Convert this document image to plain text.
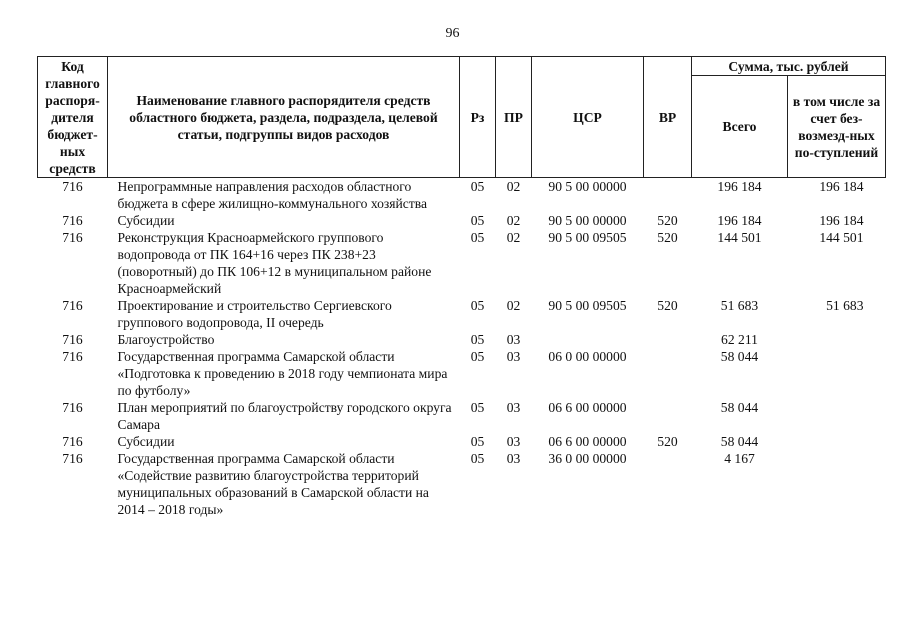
96
Код главного распоря-дителя бюджет-ных средств	Наименование главного распорядителя средств областного бюджета, раздела, подраздела, целевой статьи, подгруппы видов расходов	Рз	ПР	ЦСР	ВР	Сумма, тыс. рублей	
						Всего	в том числе за счет без-возмезд-ных по-ступлений
716	Непрограммные направления расходов областного бюджета в сфере жилищно-коммунального хозяйства	05	02	90 5 00 00000		196 184	196 184
716	Субсидии	05	02	90 5 00 00000	520	196 184	196 184
716	Реконструкция Красноармейского группового водопровода от ПК 164+16 через ПК 238+23 (поворотный) до ПК 106+12 в муниципальном районе Красноармейский	05	02	90 5 00 09505	520	144 501	144 501
716	Проектирование и строительство Сергиевского группового водопровода, II очередь	05	02	90 5 00 09505	520	51 683	51 683
716	Благоустройство	05	03			62 211	
716	Государственная программа Самарской области «Подготовка к проведению в 2018 году чемпионата мира по футболу»	05	03	06 0 00 00000		58 044	
716	План мероприятий по благоустройству городского округа Самара	05	03	06 6 00 00000		58 044	
716	Субсидии	05	03	06 6 00 00000	520	58 044	
716	Государственная программа Самарской области «Содействие развитию благоустройства территорий муниципальных образований в Самарской области на 2014 – 2018 годы»	05	03	36 0 00 00000		4 167	
